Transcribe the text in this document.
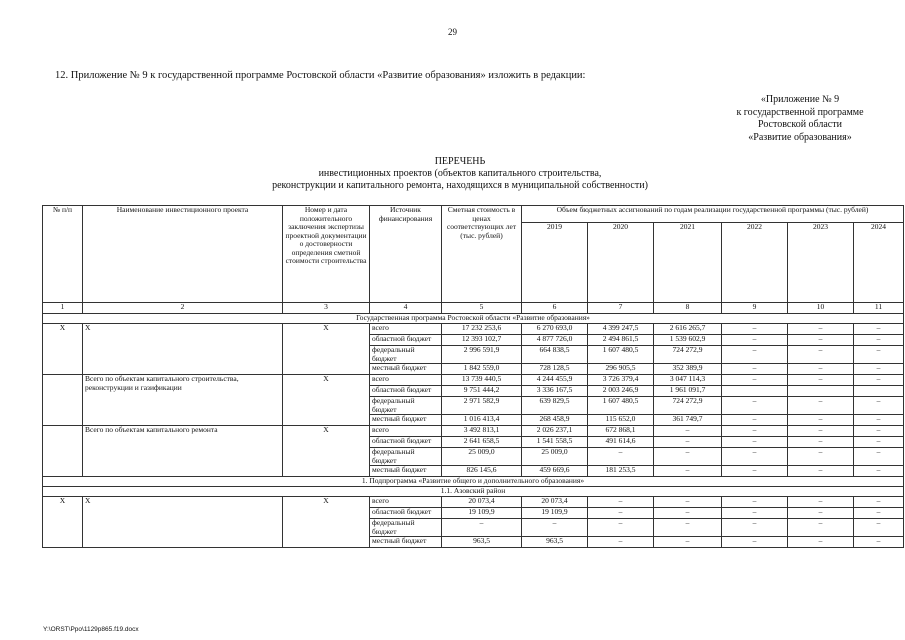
29
12. Приложение № 9 к государственной программе Ростовской области «Развитие образования» изложить в редакции:
«Приложение № 9
к государственной программе
Ростовской области
«Развитие образования»
ПЕРЕЧЕНЬ
инвестиционных проектов (объектов капитального строительства,
реконструкции и капитального ремонта, находящихся в муниципальной собственности)
№ п/п	Наименование инвестиционного проекта	Номер и дата положительного заключения экспертизы проектной документации о достоверности определения сметной стоимости строительства	Источник финансирования	Сметная стоимость в ценах соответствующих лет (тыс. рублей)	Объем бюджетных ассигнований по годам реализации государственной программы (тыс. рублей)					
					2019	2020	2021	2022	2023	2024
1	2	3	4	5	6	7	8	9	10	11
Государственная программа Ростовской области «Развитие образования»										
Х	Х	Х	всего	17 232 253,6	6 270 693,0	4 399 247,5	2 616 265,7	–	–	–
			областной бюджет	12 393 102,7	4 877 726,0	2 494 861,5	1 539 602,9	–	–	–
			федеральный бюджет	2 996 591,9	664 838,5	1 607 480,5	724 272,9	–	–	–
			местный бюджет	1 842 559,0	728 128,5	296 905,5	352 389,9	–	–	–
	Всего по объектам капитального строительства, реконструкции и газификации	Х	всего	13 739 440,5	4 244 455,9	3 726 379,4	3 047 114,3	–	–	–
			областной бюджет	9 751 444,2	3 336 167,5	2 003 246,9	1 961 091,7			
			федеральный бюджет	2 971 582,9	639 829,5	1 607 480,5	724 272,9	–	–	–
			местный бюджет	1 016 413,4	268 458,9	115 652,0	361 749,7	–	–	–
	Всего по объектам капитального ремонта	Х	всего	3 492 813,1	2 026 237,1	672 868,1	–	–	–	–
			областной бюджет	2 641 658,5	1 541 558,5	491 614,6	–	–	–	–
			федеральный бюджет	25 009,0	25 009,0	–	–	–	–	–
			местный бюджет	826 145,6	459 669,6	181 253,5	–	–	–	–
1. Подпрограмма «Развитие общего и дополнительного образования»										
1.1. Азовский район										
Х	Х	Х	всего	20 073,4	20 073,4	–	–	–	–	–
			областной бюджет	19 109,9	19 109,9	–	–	–	–	–
			федеральный бюджет	–	–	–	–	–	–	–
			местный бюджет	963,5	963,5	–	–	–	–	–
Y:\ORST\Ppo\1129p865.f19.docx
